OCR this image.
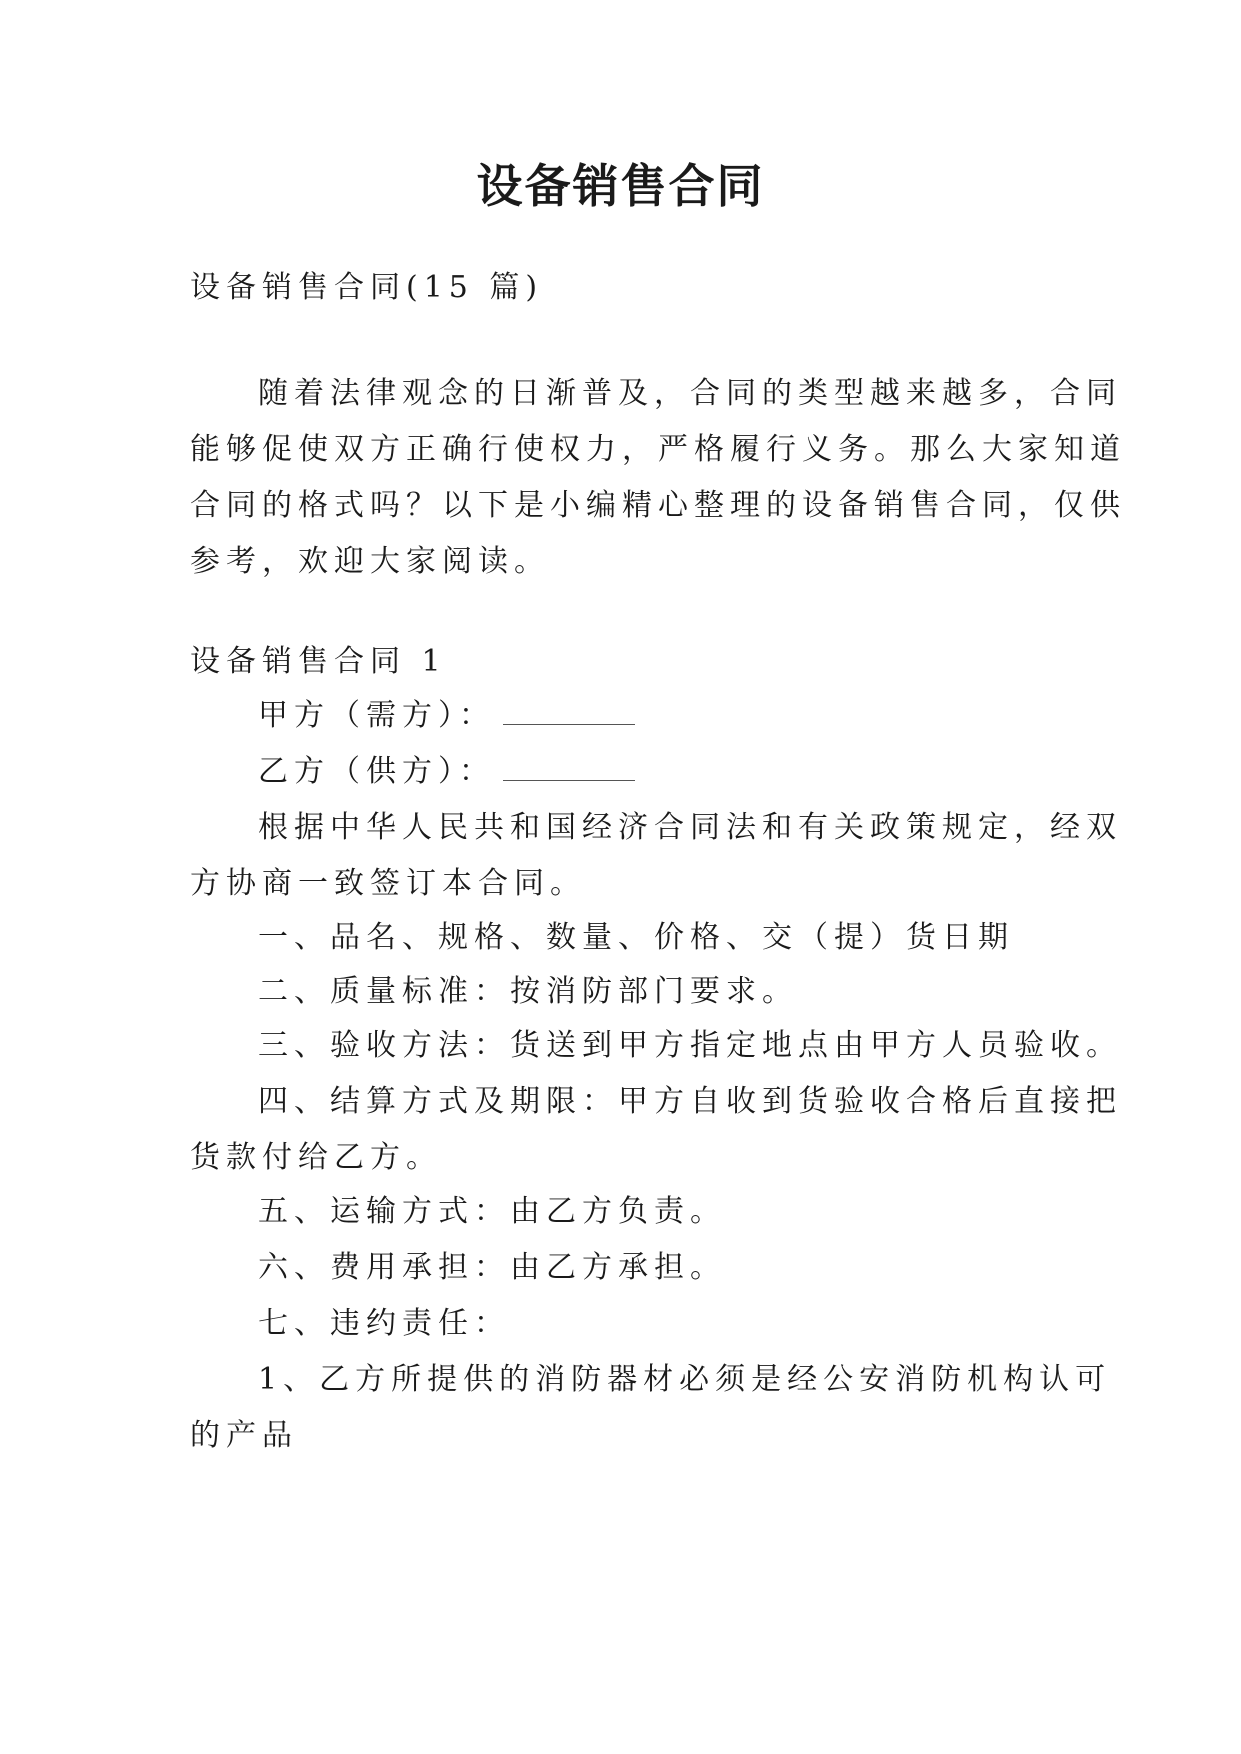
设备销售合同

设备销售合同(15 篇)

随着法律观念的日渐普及，合同的类型越来越多，合同

能够促使双方正确行使权力，严格履行义务。那么大家知道

合同的格式吗？以下是小编精心整理的设备销售合同，仅供

参考，欢迎大家阅读。

设备销售合同 1

甲方（需方）：

乙方（供方）：

根据中华人民共和国经济合同法和有关政策规定，经双

方协商一致签订本合同。

一、品名、规格、数量、价格、交（提）货日期

二、质量标准：按消防部门要求。

三、验收方法：货送到甲方指定地点由甲方人员验收。

四、结算方式及期限：甲方自收到货验收合格后直接把

货款付给乙方。

五、运输方式：由乙方负责。

六、费用承担：由乙方承担。

七、违约责任：

1、乙方所提供的消防器材必须是经公安消防机构认可

的产品
